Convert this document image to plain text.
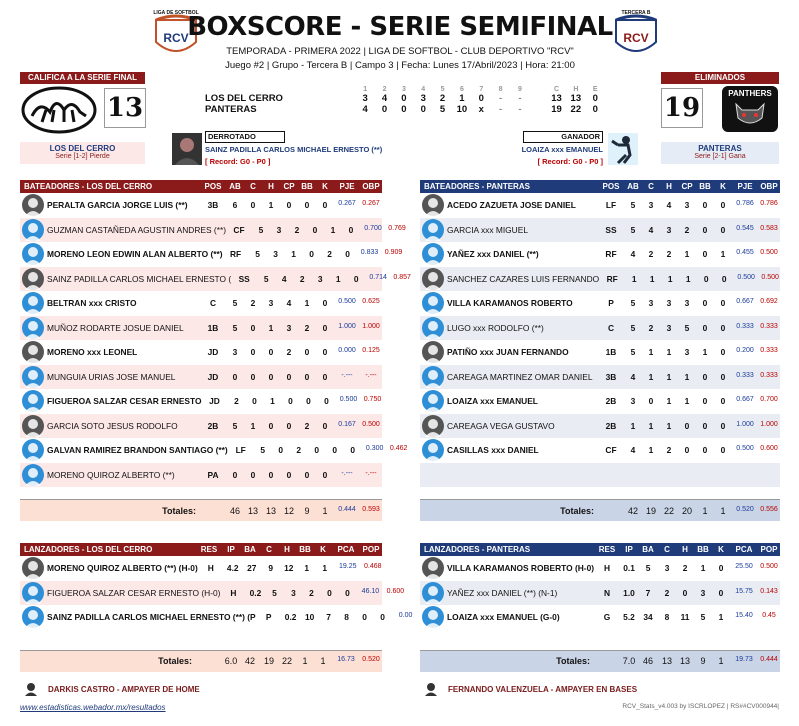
LIGA DE SOFTBOL
RCV
TERCERA B
RCV
BOXSCORE - SERIE SEMIFINAL
TEMPORADA - PRIMERA 2022 | LIGA DE SOFTBOL - CLUB DEPORTIVO "RCV"
Juego #2 | Grupo - Tercera B | Campo 3 | Fecha: Lunes 17/Abril/2023 | Hora: 21:00
CALIFICA A LA SERIE FINAL
13
LOS DEL CERRO
Serie [1-2] Pierde
ELIMINADOS
19	PANTHERS
PANTERAS
Serie [2-1] Gana
	1	2	3	4	5	6	7	8	9		C	H	E
LOS DEL CERRO	3	4	0	3	2	1	0	-	-		13	13	0
PANTERAS	4	0	0	0	5	10	x	-	-		19	22	0
DERROTADO
SAINZ PADILLA CARLOS MICHAEL ERNESTO (**)
[ Record: G0 - P0 ]
GANADOR
LOAIZA xxx EMANUEL
[ Record: G0 - P0 ]
BATEADORES - LOS DEL CERRO	POS AB	C	H	CP BB	K	PJE OBP
PERALTA GARCIA JORGE LUIS (**)	3B	6	0	1	0	0	0	0.267 0.267
GUZMAN CASTAÑEDA AGUSTIN ANDRES (**) CF	5	3	2	0	1	0	0.700 0.769
MORENO LEON EDWIN ALAN ALBERTO (**) RF	5	3	1	0	2	0	0.833 0.909
SAINZ PADILLA CARLOS MICHAEL ERNESTO ( SS	5	4	2	3	1	0	0.714 0.857
BELTRAN xxx CRISTO	C	5	2	3	4	1	0	0.500 0.625
MUÑOZ RODARTE JOSUE DANIEL	1B	5	0	1	3	2	0	1.000 1.000
MORENO xxx LEONEL	JD	3	0	0	2	0	0	0.000 0.125
MUNGUIA URIAS JOSE MANUEL	JD	0	0	0	0	0	0	-.---	-.---
FIGUEROA SALZAR CESAR ERNESTO JD	2	0	1	0	0	0	0.500 0.750
GARCIA SOTO JESUS RODOLFO	2B	5	1	0	0	2	0	0.167 0.500
GALVAN RAMIREZ BRANDON SANTIAGO (**) LF	5	0	2	0	0	0	0.300 0.462
MORENO QUIROZ ALBERTO (**)	PA	0	0	0	0	0	0	-.---	-.---
Totales:	46 13 13 12	9	1	0.444 0.593
BATEADORES - PANTERAS	POS AB	C	H	CP BB	K	PJE OBP
ACEDO ZAZUETA JOSE DANIEL	LF	5	3	4	3	0	0	0.786 0.786
GARCIA xxx MIGUEL	SS	5	4	3	2	0	0	0.545 0.583
YAÑEZ xxx DANIEL (**)	RF	4	2	2	1	0	1	0.455 0.500
SANCHEZ CAZARES LUIS FERNANDO RF	1	1	1	1	0	0	0.500 0.500
VILLA KARAMANOS ROBERTO	P	5	3	3	3	0	0	0.667 0.692
LUGO xxx RODOLFO (**)	C	5	2	3	5	0	0	0.333 0.333
PATIÑO xxx JUAN FERNANDO	1B	5	1	1	3	1	0	0.200 0.333
CAREAGA MARTINEZ OMAR DANIEL	3B	4	1	1	1	0	0	0.333 0.333
LOAIZA xxx EMANUEL	2B	3	0	1	1	0	0	0.667 0.700
CAREAGA VEGA GUSTAVO	2B	1	1	1	0	0	0	1.000 1.000
CASILLAS xxx DANIEL	CF	4	1	2	0	0	0	0.500 0.600
Totales:	42 19 22 20	1	1	0.520 0.556
LANZADORES - LOS DEL CERRO	RES	IP	BA	C	H	BB	K	PCA	POP
MORENO QUIROZ ALBERTO (**) (H-0)	H	4.2	27	9	12	1	1	19.25	0.468
FIGUEROA SALZAR CESAR ERNESTO (H-0)	H	0.2	5	3	2	0	0	46.10	0.600
SAINZ PADILLA CARLOS MICHAEL ERNESTO (**) (P	P	0.2	10	7	8	0	0	0.00
Totales:	6.0 42 19 22	1	1	16.73	0.520
LANZADORES - PANTERAS	RES	IP	BA	C	H	BB	K	PCA	POP
VILLA KARAMANOS ROBERTO (H-0)	H	0.1	5	3	2	1	0	25.50	0.500
YAÑEZ xxx DANIEL (**) (N-1)	N	1.0	7	2	0	3	0	15.75	0.143
LOAIZA xxx EMANUEL (G-0)	G	5.2	34	8	11	5	1	15.40	0.45
Totales:	7.0 46 13 13	9	1	19.73	0.444
DARKIS CASTRO - AMPAYER DE HOME	FERNANDO VALENZUELA - AMPAYER EN BASES
www.estadisticas.webador.mx/resultados	RCV_Stats_v4.003 by ISCRLOPEZ | RS##CV000944|
